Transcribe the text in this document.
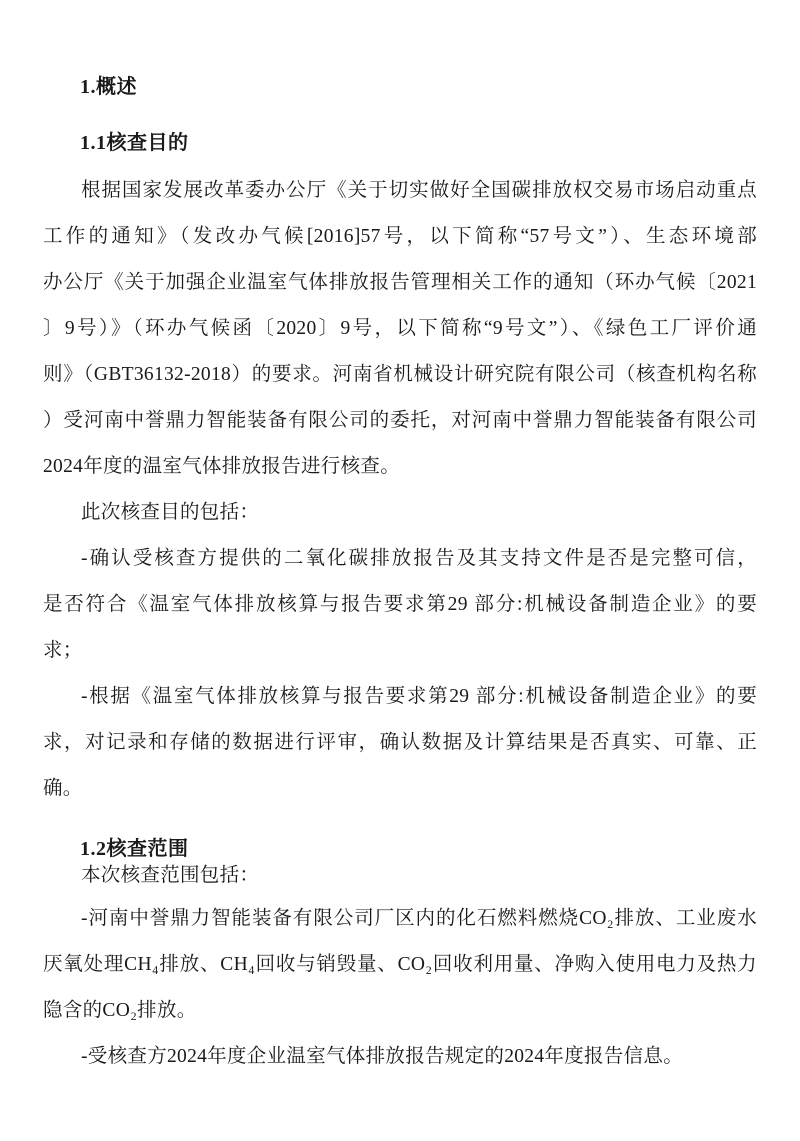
1.概述
1.1核查目的
根据国家发展改革委办公厅《关于切实做好全国碳排放权交易市场启动重点
工作的通知》（发改办气候[2016]57号，以下简称“57号文”）、生态环境部
办公厅《关于加强企业温室气体排放报告管理相关工作的通知（环办气候〔2021
〕9号）》（环办气候函〔2020〕9号，以下简称“9号文”）、《绿色工厂评价通
则》（GBT36132-2018）的要求。河南省机械设计研究院有限公司（核查机构名称
）受河南中誉鼎力智能装备有限公司的委托，对河南中誉鼎力智能装备有限公司
2024年度的温室气体排放报告进行核查。
此次核查目的包括：
-确认受核查方提供的二氧化碳排放报告及其支持文件是否是完整可信，
是否符合《温室气体排放核算与报告要求第29 部分:机械设备制造企业》的要
求；
-根据《温室气体排放核算与报告要求第29 部分:机械设备制造企业》的要
求，对记录和存储的数据进行评审，确认数据及计算结果是否真实、可靠、正
确。
1.2核查范围
本次核查范围包括：
-河南中誉鼎力智能装备有限公司厂区内的化石燃料燃烧CO₂排放、工业废水
厌氧处理CH₄排放、CH₄回收与销毁量、CO₂回收利用量、净购入使用电力及热力
隐含的CO₂排放。
-受核查方2024年度企业温室气体排放报告规定的2024年度报告信息。
